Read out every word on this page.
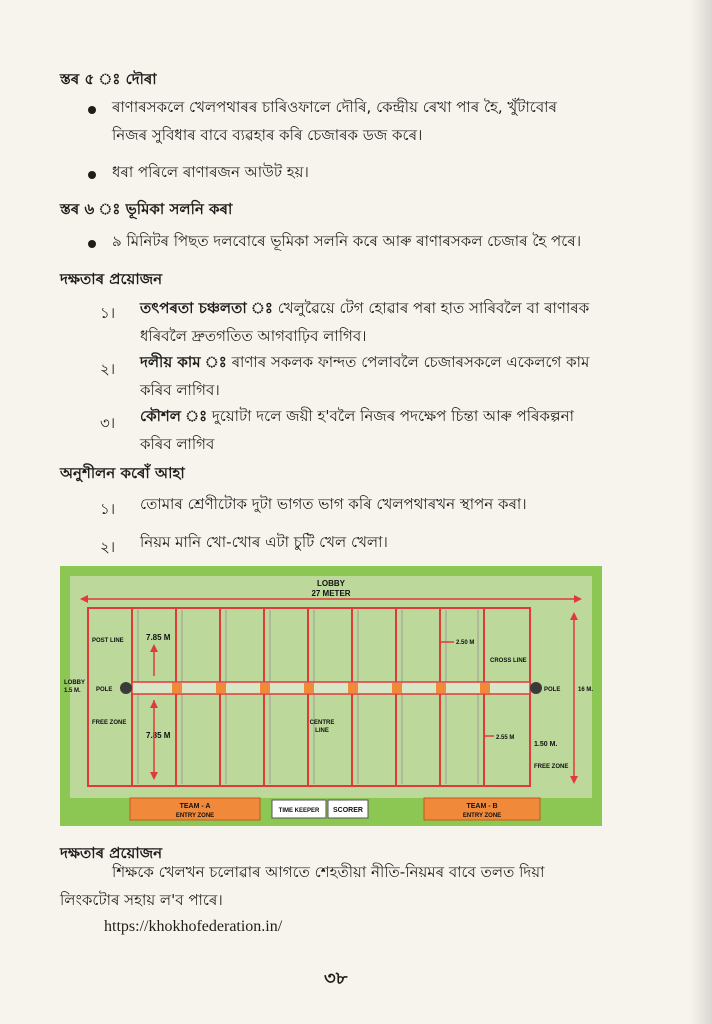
স্তৰ ৫ ঃ দৌৰা
ৰাণাৰসকলে খেলপথাৰৰ চাৰিওফালে দৌৰি, কেন্দ্ৰীয় ৰেখা পাৰ হৈ, খুঁটাবোৰ
নিজৰ সুবিধাৰ বাবে ব্যৱহাৰ কৰি চেজাৰক ডজ কৰে।
ধৰা পৰিলে ৰাণাৰজন আউট হয়।
স্তৰ ৬ ঃ ভূমিকা সলনি কৰা
৯ মিনিটৰ পিছত দলবোৰে ভূমিকা সলনি কৰে আৰু ৰাণাৰসকল চেজাৰ হৈ পৰে।
দক্ষতাৰ প্ৰয়োজন
১। তৎপৰতা চঞ্চলতা ঃ খেলুৱৈয়ে টেগ হোৱাৰ পৰা হাত সাৰিবলৈ বা ৰাণাৰক
ধৰিবলৈ দ্ৰুতগতিত আগবাঢ়িব লাগিব।
২। দলীয় কাম ঃ ৰাণাৰ সকলক ফান্দত পেলাবলৈ চেজাৰসকলে একেলগে কাম
কৰিব লাগিব।
৩। কৌশল ঃ দুয়োটা দলে জয়ী হ'বলৈ নিজৰ পদক্ষেপ চিন্তা আৰু পৰিকল্পনা
কৰিব লাগিব
অনুশীলন কৰোঁ আহা
১। তোমাৰ শ্ৰেণীটোক দুটা ভাগত ভাগ কৰি খেলপথাৰখন স্থাপন কৰা।
২। নিয়ম মানি খো-খোৰ এটা চুটি খেল খেলা।
LOBBY
27 METER
POLE	POLE
POST LINE
LOBBY
1.5 M.
FREE ZONE
7.85 M
7.85 M
CENTRE
LINE
2.50 M
CROSS LINE
2.55 M
1.50 M.
FREE ZONE
16 M.
TEAM - A
ENTRY ZONE
TIME KEEPER SCORER
TEAM - B
ENTRY ZONE
দক্ষতাৰ প্ৰয়োজন
শিক্ষকে খেলখন চলোৱাৰ আগতে শেহতীয়া নীতি-নিয়মৰ বাবে তলত দিয়া
লিংকটোৰ সহায় ল'ব পাৰে।
https://khokhofederation.in/
৩৮
